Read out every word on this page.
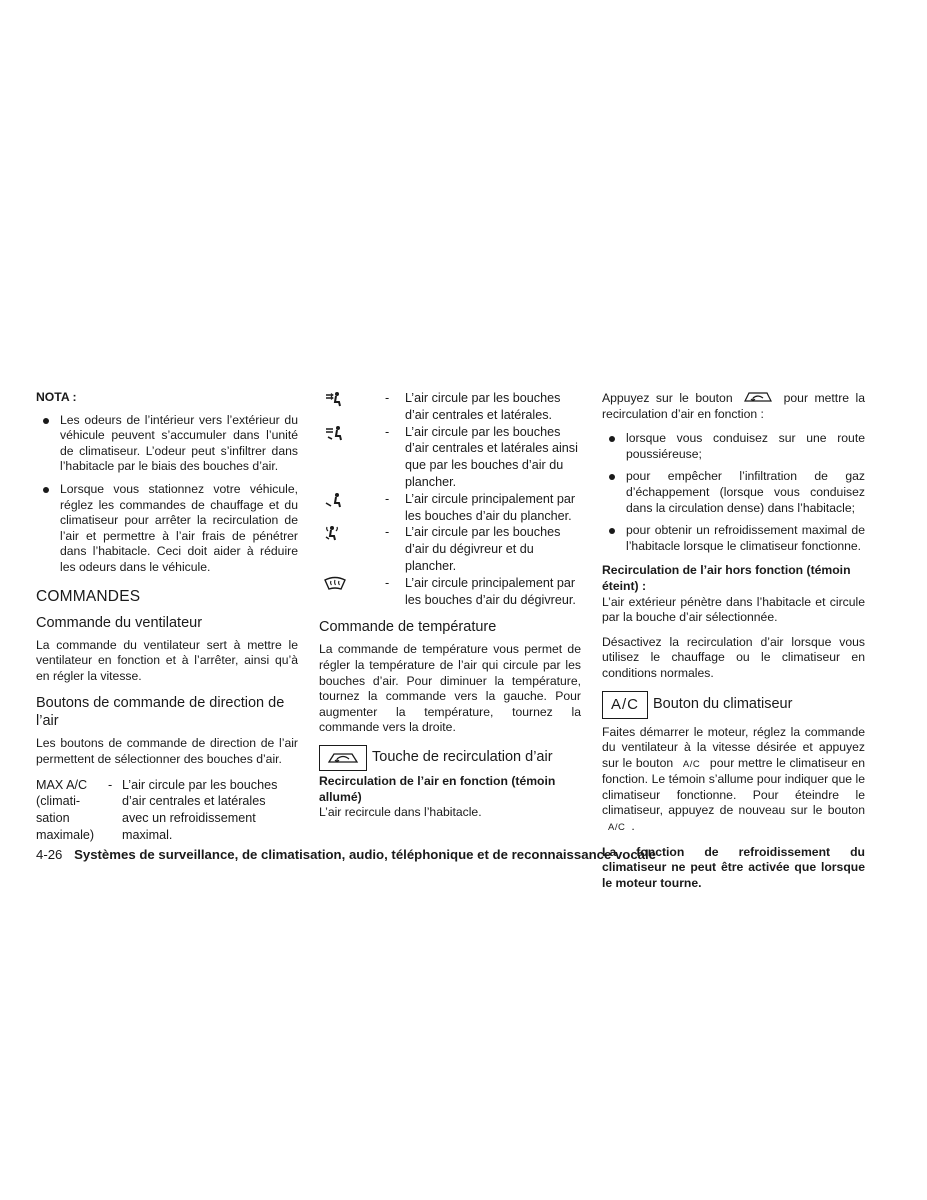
NOTA :
Les odeurs de l’intérieur vers l’extérieur du véhicule peuvent s’accumuler dans l’unité de climatiseur. L’odeur peut s’infiltrer dans l’habitacle par le biais des bouches d’air.
Lorsque vous stationnez votre véhicule, réglez les commandes de chauffage et du climatiseur pour arrêter la recirculation de l’air et permettre à l’air frais de pénétrer dans l’habitacle. Ceci doit aider à réduire les odeurs dans le véhicule.
COMMANDES
Commande du ventilateur

La commande du ventilateur sert à mettre le ventilateur en fonction et à l’arrêter, ainsi qu’à en régler la vitesse.

Boutons de commande de direction de l’air

Les boutons de commande de direction de l’air permettent de sélectionner des bouches d’air.

MAX A/C
(climati-
sation
maximale)
- L’air circule par les bouches
d’air centrales et latérales
avec un refroidissement
maximal.
-	L’air circule par les bouches d’air centrales et latérales.
-	L’air circule par les bouches d’air centrales et latérales ainsi que par les bouches d’air du plancher.
-	L’air circule principalement par les bouches d’air du plancher.
-	L’air circule par les bouches d’air du dégivreur et du plancher.
-	L’air circule principalement par les bouches d’air du dégivreur.
Commande de température

La commande de température vous permet de régler la température de l’air qui circule par les bouches d’air. Pour diminuer la température, tournez la commande vers la gauche. Pour augmenter la température, tournez la commande vers la droite.

Touche de recirculation d’air
Recirculation de l’air en fonction (témoin allumé)

L’air recircule dans l’habitacle.

Appuyez sur le bouton	pour mettre la recirculation d’air en fonction :

lorsque vous conduisez sur une route poussiéreuse;
pour empêcher l’infiltration de gaz d’échappement (lorsque vous conduisez dans la circulation dense) dans l’habitacle;
pour obtenir un refroidissement maximal de l’habitacle lorsque le climatiseur fonctionne.
Recirculation de l’air hors fonction (témoin éteint) :

L’air extérieur pénètre dans l’habitacle et circule par la bouche d’air sélectionnée.

Désactivez la recirculation d’air lorsque vous utilisez le chauffage ou le climatiseur en conditions normales.

A/C Bouton du climatiseur

Faites démarrer le moteur, réglez la commande du ventilateur à la vitesse désirée et appuyez sur le bouton A/C pour mettre le climatiseur en fonction. Le témoin s’allume pour indiquer que le climatiseur fonctionne. Pour éteindre le climatiseur, appuyez de nouveau sur le bouton A/C .

La fonction de refroidissement du climatiseur ne peut être activée que lorsque le moteur tourne.

4-26 Systèmes de surveillance, de climatisation, audio, téléphonique et de reconnaissance vocale
